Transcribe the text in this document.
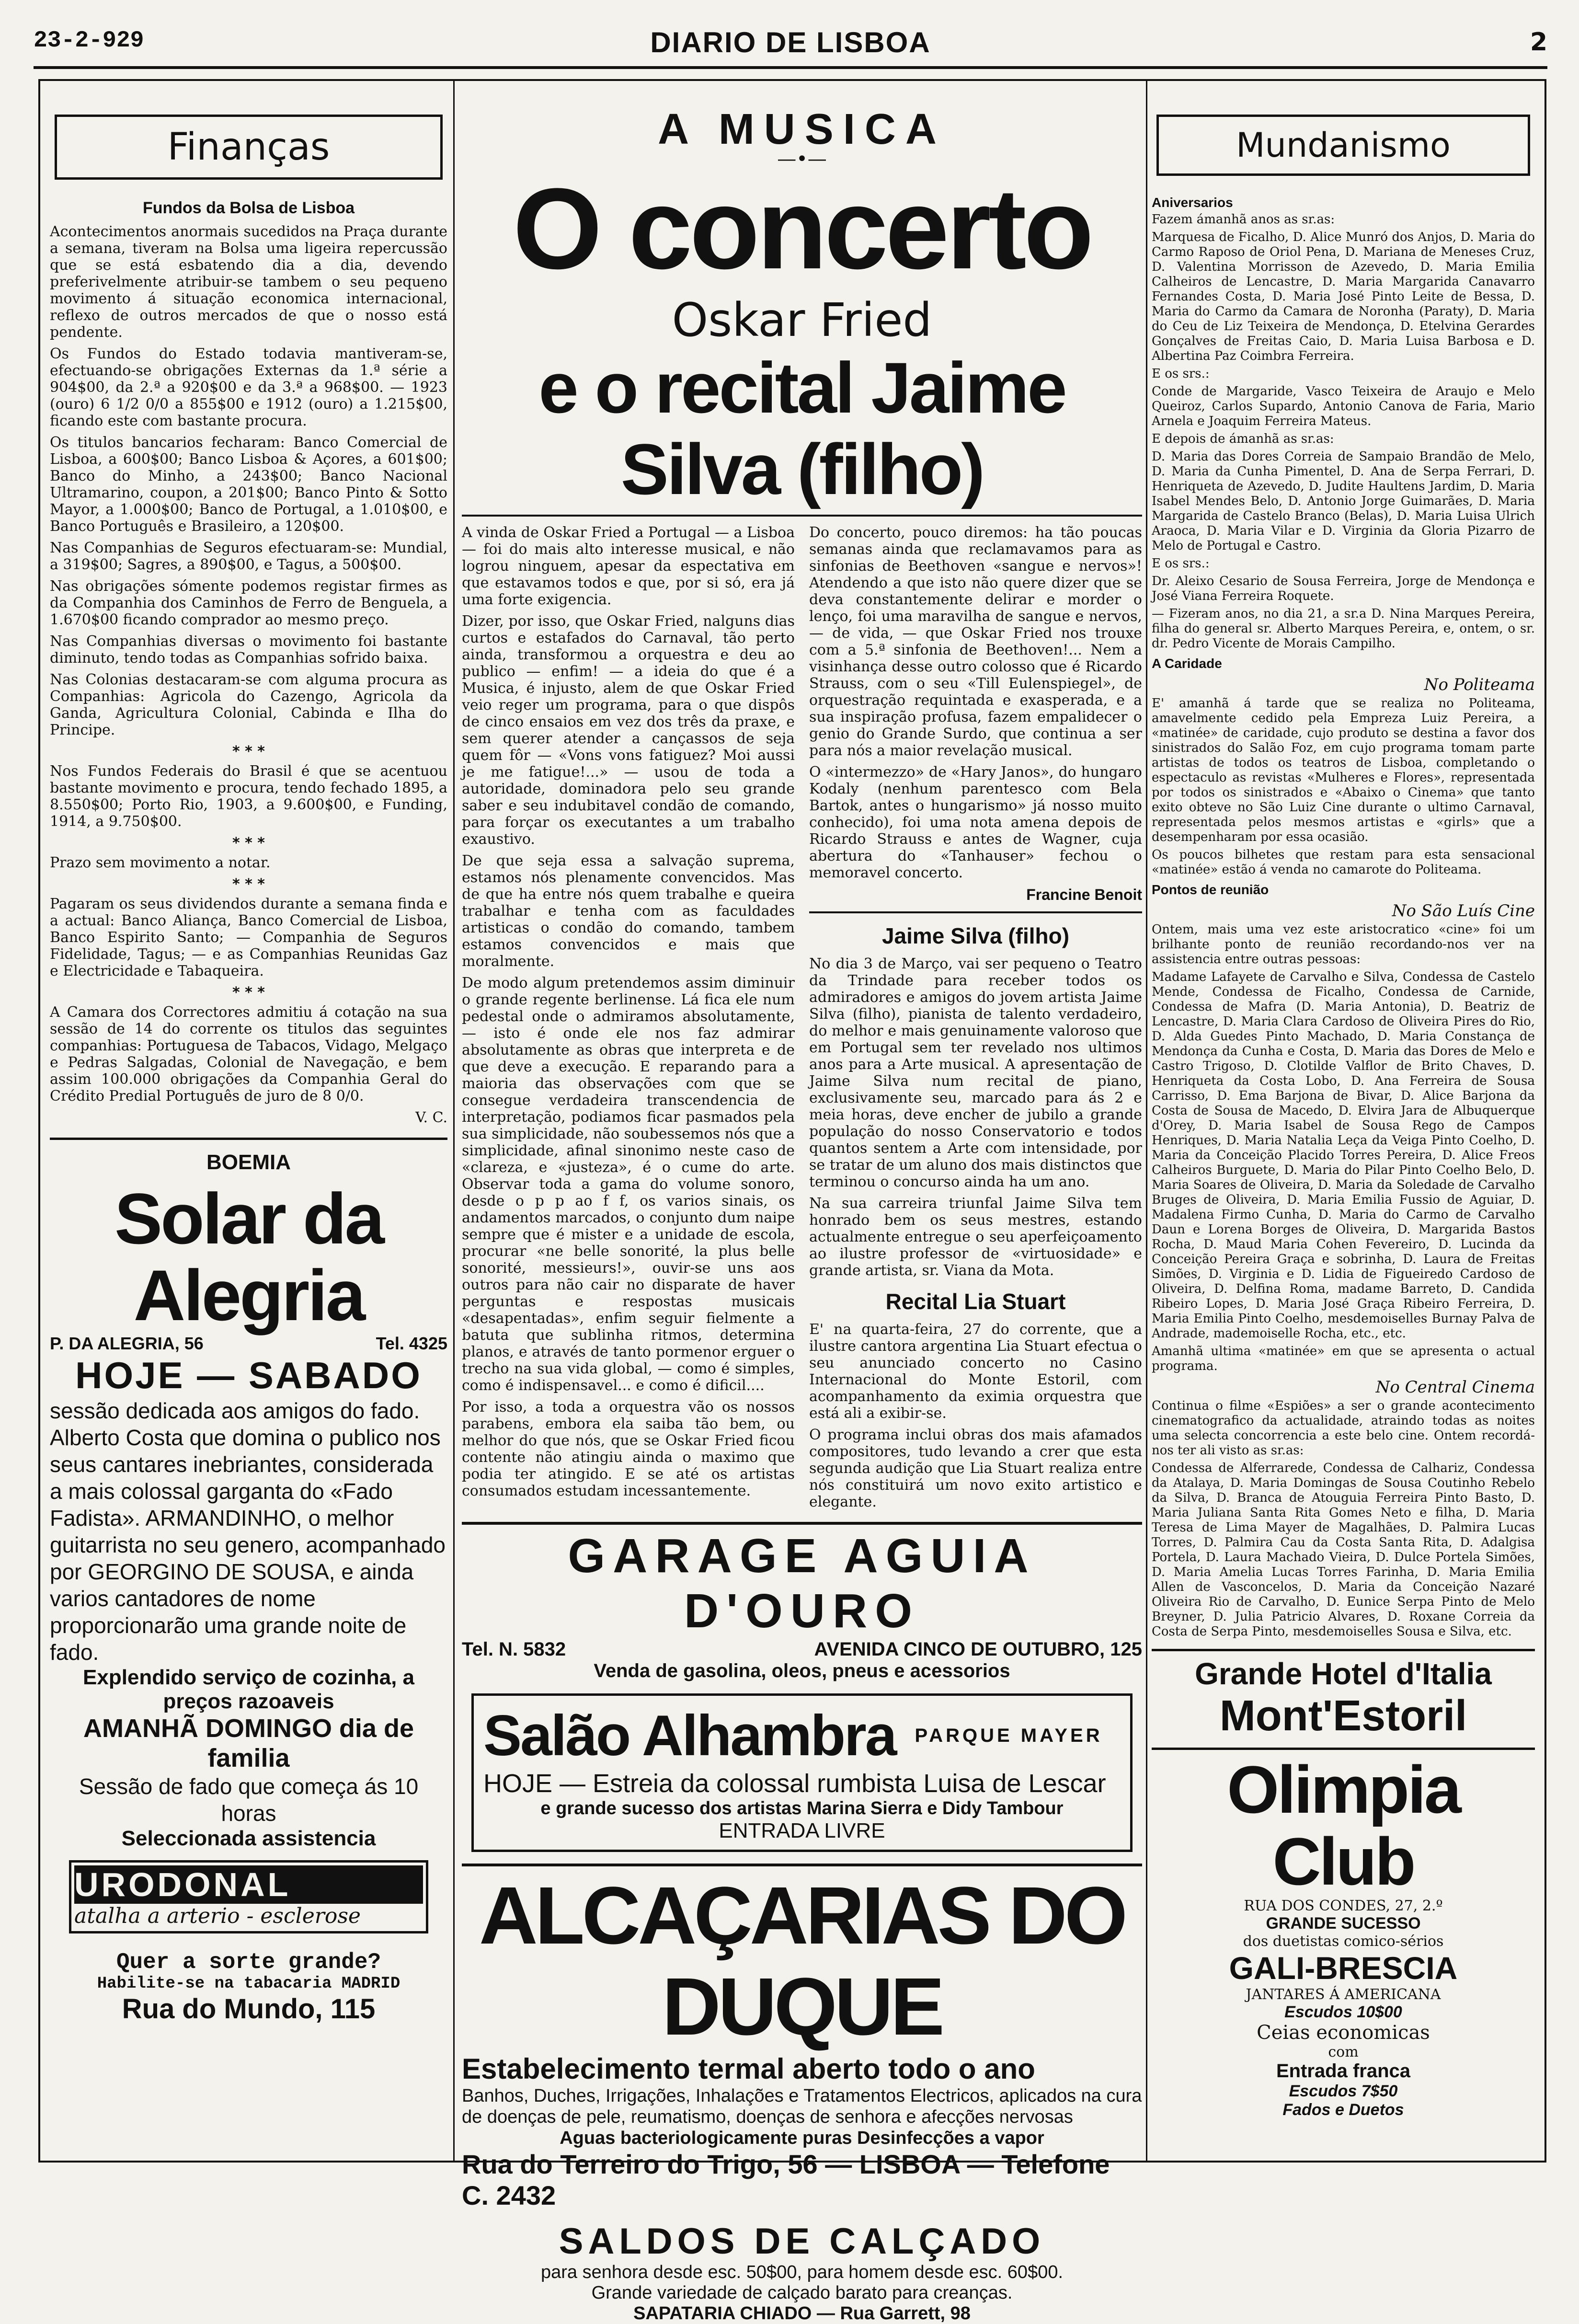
23-2-929	DIARIO DE LISBOA	2
Finanças
Fundos da Bolsa de Lisboa

Acontecimentos anormais sucedidos na Praça durante a semana, tiveram na Bolsa uma ligeira repercussão que se está esbatendo dia a dia, devendo preferivelmente atribuir-se tambem o seu pequeno movimento á situação economica internacional, reflexo de outros mercados de que o nosso está pendente.

Os Fundos do Estado todavia mantiveram-se, efectuando-se obrigações Externas da 1.ª série a 904$00, da 2.ª a 920$00 e da 3.ª a 968$00. — 1923 (ouro) 6 1/2 0/0 a 855$00 e 1912 (ouro) a 1.215$00, ficando este com bastante procura.

Os titulos bancarios fecharam: Banco Comercial de Lisboa, a 600$00; Banco Lisboa & Açores, a 601$00; Banco do Minho, a 243$00; Banco Nacional Ultramarino, coupon, a 201$00; Banco Pinto & Sotto Mayor, a 1.000$00; Banco de Portugal, a 1.010$00, e Banco Português e Brasileiro, a 120$00.

Nas Companhias de Seguros efectuaram-se: Mundial, a 319$00; Sagres, a 890$00, e Tagus, a 500$00.

Nas obrigações sómente podemos registar firmes as da Companhia dos Caminhos de Ferro de Benguela, a 1.670$00 ficando comprador ao mesmo preço.

Nas Companhias diversas o movimento foi bastante diminuto, tendo todas as Companhias sofrido baixa.

Nas Colonias destacaram-se com alguma procura as Companhias: Agricola do Cazengo, Agricola da Ganda, Agricultura Colonial, Cabinda e Ilha do Principe.

* * *

Nos Fundos Federais do Brasil é que se acentuou bastante movimento e procura, tendo fechado 1895, a 8.550$00; Porto Rio, 1903, a 9.600$00, e Funding, 1914, a 9.750$00.

* * *

Prazo sem movimento a notar.

* * *

Pagaram os seus dividendos durante a semana finda e a actual: Banco Aliança, Banco Comercial de Lisboa, Banco Espirito Santo; — Companhia de Seguros Fidelidade, Tagus; — e as Companhias Reunidas Gaz e Electricidade e Tabaqueira.

* * *

A Camara dos Correctores admitiu á cotação na sua sessão de 14 do corrente os titulos das seguintes companhias: Portuguesa de Tabacos, Vidago, Melgaço e Pedras Salgadas, Colonial de Navegação, e bem assim 100.000 obrigações da Companhia Geral do Crédito Predial Português de juro de 8 0/0.

V. C.

BOEMIA
Solar da Alegria
P. DA ALEGRIA, 56	Tel. 4325
HOJE — SABADO
sessão dedicada aos amigos do fado. Alberto Costa que domina o publico nos seus cantares inebriantes, considerada a mais colossal garganta do «Fado Fadista». ARMANDINHO, o melhor guitarrista no seu genero, acompanhado por GEORGINO DE SOUSA, e ainda varios cantadores de nome proporcionarão uma grande noite de fado.
Explendido serviço de cozinha, a preços razoaveis
AMANHÃ DOMINGO dia de familia
Sessão de fado que começa ás 10 horas
Seleccionada assistencia
URODONAL
atalha a arterio - esclerose
Quer a sorte grande?
Habilite-se na tabacaria MADRID
Rua do Mundo, 115
A MUSICA
—•—
O concerto
Oskar Fried
e o recital Jaime Silva (filho)

A vinda de Oskar Fried a Portugal — a Lisboa — foi do mais alto interesse musical, e não logrou ninguem, apesar da espectativa em que estavamos todos e que, por si só, era já uma forte exigencia.

Dizer, por isso, que Oskar Fried, nalguns dias curtos e estafados do Carnaval, tão perto ainda, transformou a orquestra e deu ao publico — enfim! — a ideia do que é a Musica, é injusto, alem de que Oskar Fried veio reger um programa, para o que dispôs de cinco ensaios em vez dos três da praxe, e sem querer atender a cançassos de seja quem fôr — «Vons vons fatiguez? Moi aussi je me fatigue!...» — usou de toda a autoridade, dominadora pelo seu grande saber e seu indubitavel condão de comando, para forçar os executantes a um trabalho exaustivo.

De que seja essa a salvação suprema, estamos nós plenamente convencidos. Mas de que ha entre nós quem trabalhe e queira trabalhar e tenha com as faculdades artisticas o condão do comando, tambem estamos convencidos e mais que moralmente.

De modo algum pretendemos assim diminuir o grande regente berlinense. Lá fica ele num pedestal onde o admiramos absolutamente, — isto é onde ele nos faz admirar absolutamente as obras que interpreta e de que deve a execução. E reparando para a maioria das observações com que se consegue verdadeira transcendencia de interpretação, podiamos ficar pasmados pela sua simplicidade, não soubessemos nós que a simplicidade, afinal sinonimo neste caso de «clareza, e «justeza», é o cume do arte. Observar toda a gama do volume sonoro, desde o p p ao f f, os varios sinais, os andamentos marcados, o conjunto dum naipe sempre que é mister e a unidade de escola, procurar «ne belle sonorité, la plus belle sonorité, messieurs!», ouvir-se uns aos outros para não cair no disparate de haver perguntas e respostas musicais «desapentadas», enfim seguir fielmente a batuta que sublinha ritmos, determina planos, e através de tanto pormenor erguer o trecho na sua vida global, — como é simples, como é indispensavel... e como é dificil....

Por isso, a toda a orquestra vão os nossos parabens, embora ela saiba tão bem, ou melhor do que nós, que se Oskar Fried ficou contente não atingiu ainda o maximo que podia ter atingido. E se até os artistas consumados estudam incessantemente.

Do concerto, pouco diremos: ha tão poucas semanas ainda que reclamavamos para as sinfonias de Beethoven «sangue e nervos»! Atendendo a que isto não quere dizer que se deva constantemente delirar e morder o lenço, foi uma maravilha de sangue e nervos, — de vida, — que Oskar Fried nos trouxe com a 5.ª sinfonia de Beethoven!... Nem a visinhança desse outro colosso que é Ricardo Strauss, com o seu «Till Eulenspiegel», de orquestração requintada e exasperada, e a sua inspiração profusa, fazem empalidecer o genio do Grande Surdo, que continua a ser para nós a maior revelação musical.

O «intermezzo» de «Hary Janos», do hungaro Kodaly (nenhum parentesco com Bela Bartok, antes o hungarismo» já nosso muito conhecido), foi uma nota amena depois de Ricardo Strauss e antes de Wagner, cuja abertura do «Tanhauser» fechou o memoravel concerto.

Francine Benoit
Jaime Silva (filho)

No dia 3 de Março, vai ser pequeno o Teatro da Trindade para receber todos os admiradores e amigos do jovem artista Jaime Silva (filho), pianista de talento verdadeiro, do melhor e mais genuinamente valoroso que em Portugal sem ter revelado nos ultimos anos para a Arte musical. A apresentação de Jaime Silva num recital de piano, exclusivamente seu, marcado para ás 2 e meia horas, deve encher de jubilo a grande população do nosso Conservatorio e todos quantos sentem a Arte com intensidade, por se tratar de um aluno dos mais distinctos que terminou o concurso ainda ha um ano.

Na sua carreira triunfal Jaime Silva tem honrado bem os seus mestres, estando actualmente entregue o seu aperfeiçoamento ao ilustre professor de «virtuosidade» e grande artista, sr. Viana da Mota.

Recital Lia Stuart

E' na quarta-feira, 27 do corrente, que a ilustre cantora argentina Lia Stuart efectua o seu anunciado concerto no Casino Internacional do Monte Estoril, com acompanhamento da eximia orquestra que está ali a exibir-se.

O programa inclui obras dos mais afamados compositores, tudo levando a crer que esta segunda audição que Lia Stuart realiza entre nós constituirá um novo exito artistico e elegante.

GARAGE AGUIA D'OURO
Tel. N. 5832	AVENIDA CINCO DE OUTUBRO, 125
Venda de gasolina, oleos, pneus e acessorios
Salão Alhambra PARQUE MAYER
HOJE — Estreia da colossal rumbista Luisa de Lescar
e grande sucesso dos artistas Marina Sierra e Didy Tambour
ENTRADA LIVRE
ALCAÇARIAS DO DUQUE
Estabelecimento termal aberto todo o ano
Banhos, Duches, Irrigações, Inhalações e Tratamentos Electricos, aplicados na cura de doenças de pele, reumatismo, doenças de senhora e afecções nervosas
Aguas bacteriologicamente puras Desinfecções a vapor
Rua do Terreiro do Trigo, 56 — LISBOA — Telefone C. 2432
SALDOS DE CALÇADO
para senhora desde esc. 50$00, para homem desde esc. 60$00.
Grande variedade de calçado barato para creanças.
SAPATARIA CHIADO — Rua Garrett, 98
Mundanismo
Aniversarios

Fazem ámanhã anos as sr.as:

Marquesa de Ficalho, D. Alice Munró dos Anjos, D. Maria do Carmo Raposo de Oriol Pena, D. Mariana de Meneses Cruz, D. Valentina Morrisson de Azevedo, D. Maria Emilia Calheiros de Lencastre, D. Maria Margarida Canavarro Fernandes Costa, D. Maria José Pinto Leite de Bessa, D. Maria do Carmo da Camara de Noronha (Paraty), D. Maria do Ceu de Liz Teixeira de Mendonça, D. Etelvina Gerardes Gonçalves de Freitas Caio, D. Maria Luisa Barbosa e D. Albertina Paz Coimbra Ferreira.

E os srs.:

Conde de Margaride, Vasco Teixeira de Araujo e Melo Queiroz, Carlos Supardo, Antonio Canova de Faria, Mario Arnela e Joaquim Ferreira Mateus.

E depois de ámanhã as sr.as:

D. Maria das Dores Correia de Sampaio Brandão de Melo, D. Maria da Cunha Pimentel, D. Ana de Serpa Ferrari, D. Henriqueta de Azevedo, D. Judite Haultens Jardim, D. Maria Isabel Mendes Belo, D. Antonio Jorge Guimarães, D. Maria Margarida de Castelo Branco (Belas), D. Maria Luisa Ulrich Araoca, D. Maria Vilar e D. Virginia da Gloria Pizarro de Melo de Portugal e Castro.

E os srs.:

Dr. Aleixo Cesario de Sousa Ferreira, Jorge de Mendonça e José Viana Ferreira Roquete.

— Fizeram anos, no dia 21, a sr.a D. Nina Marques Pereira, filha do general sr. Alberto Marques Pereira, e, ontem, o sr. dr. Pedro Vicente de Morais Campilho.

A Caridade
No Politeama

E' amanhã á tarde que se realiza no Politeama, amavelmente cedido pela Empreza Luiz Pereira, a «matinée» de caridade, cujo produto se destina a favor dos sinistrados do Salão Foz, em cujo programa tomam parte artistas de todos os teatros de Lisboa, completando o espectaculo as revistas «Mulheres e Flores», representada por todos os sinistrados e «Abaixo o Cinema» que tanto exito obteve no São Luiz Cine durante o ultimo Carnaval, representada pelos mesmos artistas e «girls» que a desempenharam por essa ocasião.

Os poucos bilhetes que restam para esta sensacional «matinée» estão á venda no camarote do Politeama.

Pontos de reunião
No São Luís Cine

Ontem, mais uma vez este aristocratico «cine» foi um brilhante ponto de reunião recordando-nos ver na assistencia entre outras pessoas:

Madame Lafayete de Carvalho e Silva, Condessa de Castelo Mende, Condessa de Ficalho, Condessa de Carnide, Condessa de Mafra (D. Maria Antonia), D. Beatriz de Lencastre, D. Maria Clara Cardoso de Oliveira Pires do Rio, D. Alda Guedes Pinto Machado, D. Maria Constança de Mendonça da Cunha e Costa, D. Maria das Dores de Melo e Castro Trigoso, D. Clotilde Valflor de Brito Chaves, D. Henriqueta da Costa Lobo, D. Ana Ferreira de Sousa Carrisso, D. Ema Barjona de Bivar, D. Alice Barjona da Costa de Sousa de Macedo, D. Elvira Jara de Albuquerque d'Orey, D. Maria Isabel de Sousa Rego de Campos Henriques, D. Maria Natalia Leça da Veiga Pinto Coelho, D. Maria da Conceição Placido Torres Pereira, D. Alice Freos Calheiros Burguete, D. Maria do Pilar Pinto Coelho Belo, D. Maria Soares de Oliveira, D. Maria da Soledade de Carvalho Bruges de Oliveira, D. Maria Emilia Fussio de Aguiar, D. Madalena Firmo Cunha, D. Maria do Carmo de Carvalho Daun e Lorena Borges de Oliveira, D. Margarida Bastos Rocha, D. Maud Maria Cohen Fevereiro, D. Lucinda da Conceição Pereira Graça e sobrinha, D. Laura de Freitas Simões, D. Virginia e D. Lidia de Figueiredo Cardoso de Oliveira, D. Delfina Roma, madame Barreto, D. Candida Ribeiro Lopes, D. Maria José Graça Ribeiro Ferreira, D. Maria Emilia Pinto Coelho, mesdemoiselles Burnay Palva de Andrade, mademoiselle Rocha, etc., etc.

Amanhã ultima «matinée» em que se apresenta o actual programa.

No Central Cinema

Continua o filme «Espiões» a ser o grande acontecimento cinematografico da actualidade, atraindo todas as noites uma selecta concorrencia a este belo cine. Ontem recordá-nos ter ali visto as sr.as:

Condessa de Alferrarede, Condessa de Calhariz, Condessa da Atalaya, D. Maria Domingas de Sousa Coutinho Rebelo da Silva, D. Branca de Atouguia Ferreira Pinto Basto, D. Maria Juliana Santa Rita Gomes Neto e filha, D. Maria Teresa de Lima Mayer de Magalhães, D. Palmira Lucas Torres, D. Palmira Cau da Costa Santa Rita, D. Adalgisa Portela, D. Laura Machado Vieira, D. Dulce Portela Simões, D. Maria Amelia Lucas Torres Farinha, D. Maria Emilia Allen de Vasconcelos, D. Maria da Conceição Nazaré Oliveira Rio de Carvalho, D. Eunice Serpa Pinto de Melo Breyner, D. Julia Patricio Alvares, D. Roxane Correia da Costa de Serpa Pinto, mesdemoiselles Sousa e Silva, etc.

Grande Hotel d'Italia
Mont'Estoril
Olimpia Club
RUA DOS CONDES, 27, 2.º
GRANDE SUCESSO
dos duetistas comico-sérios
GALI-BRESCIA
JANTARES Á AMERICANA
Escudos 10$00
Ceias economicas
com
Entrada franca
Escudos 7$50
Fados e Duetos
